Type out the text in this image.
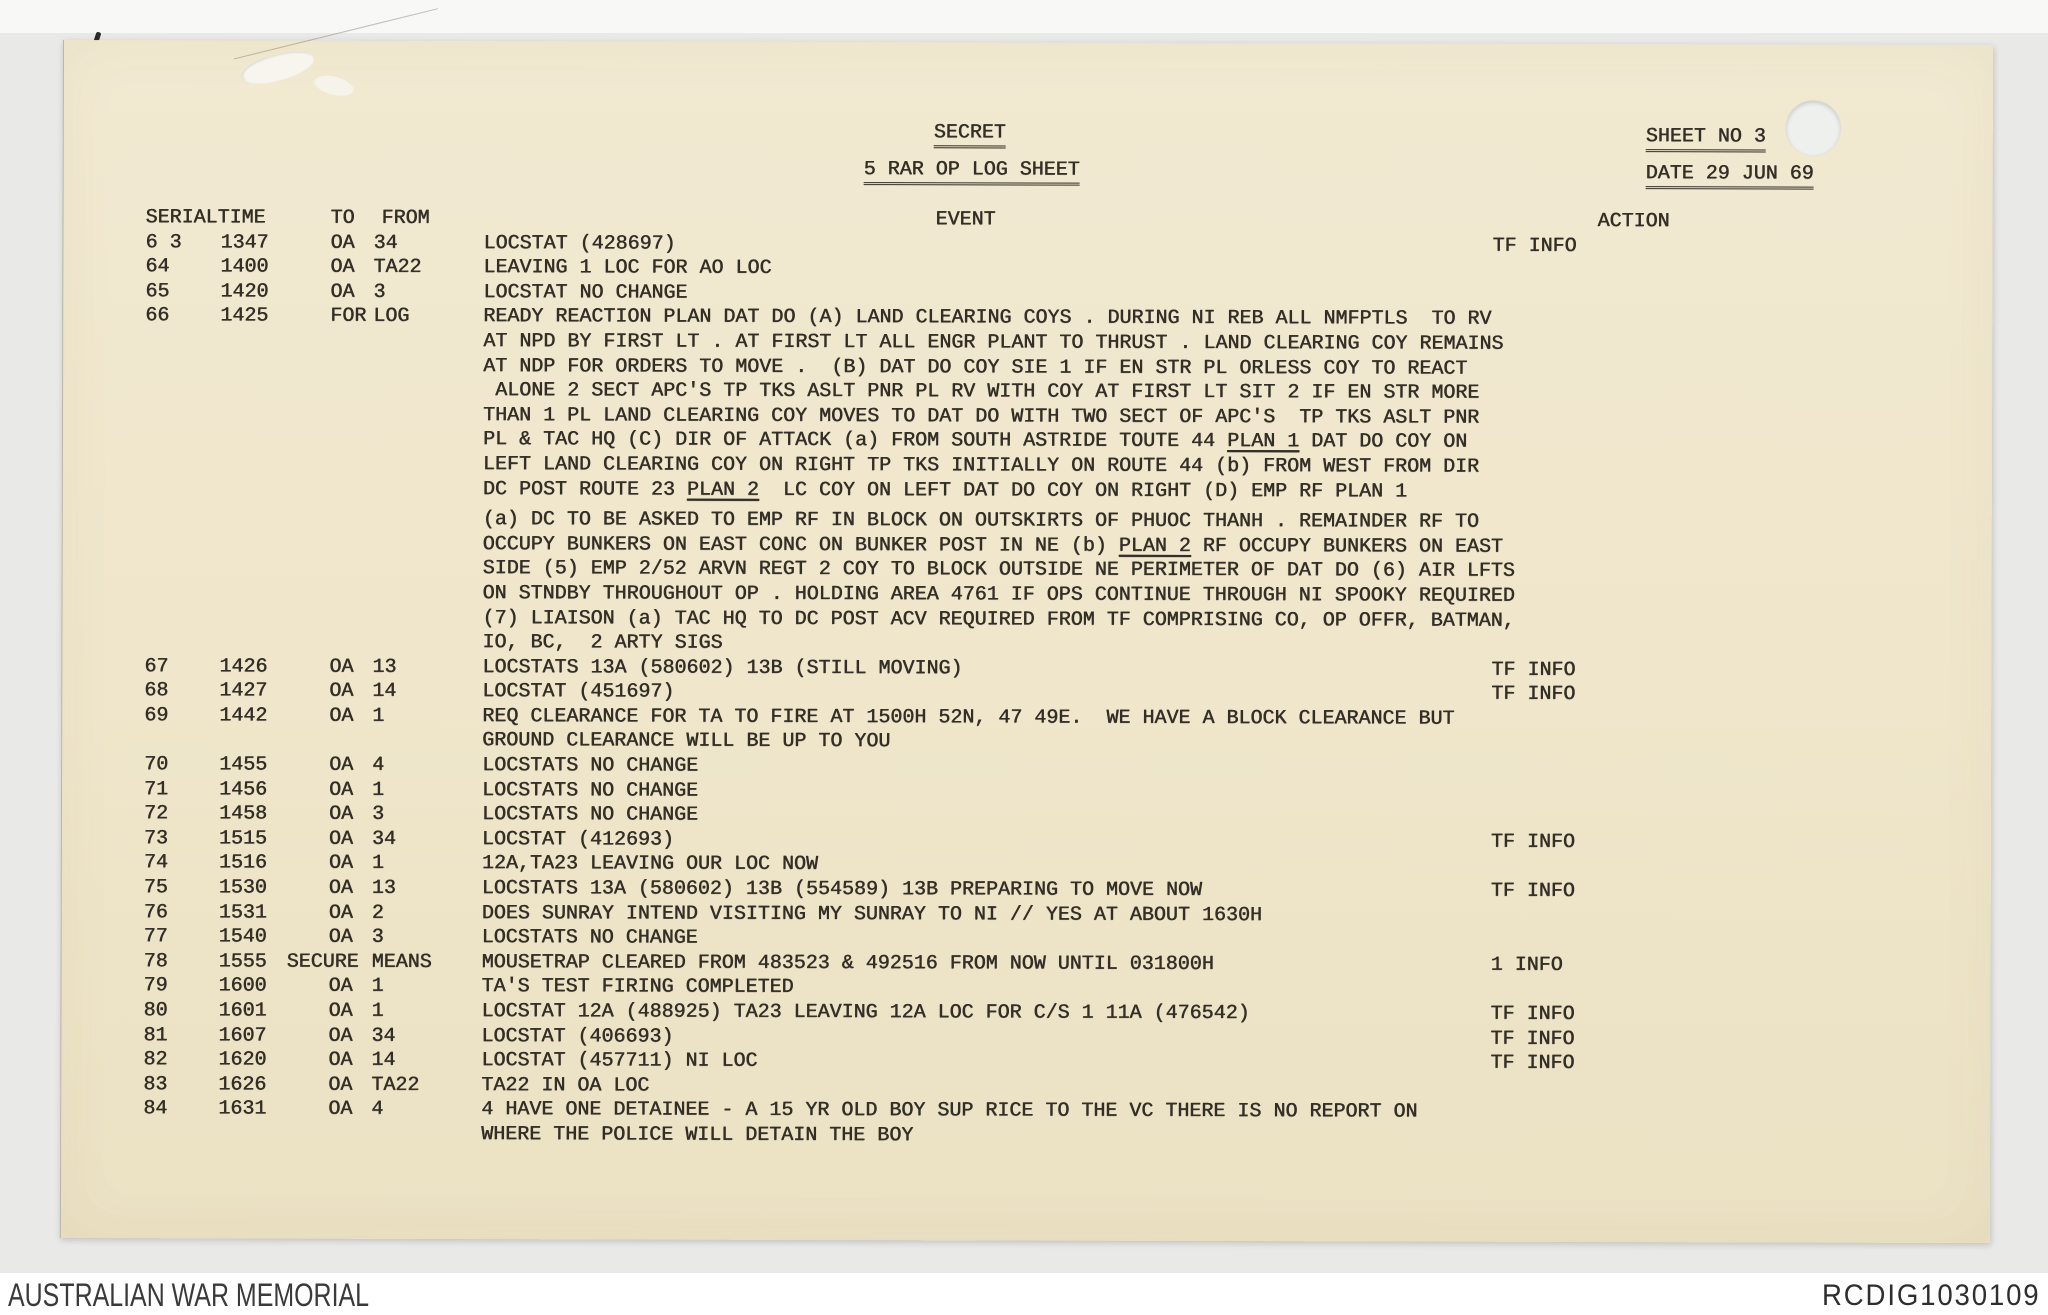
SECRET
5 RAR OP LOG SHEET
SHEET NO 3
DATE 29 JUN 69
SERIALTIME	TO	FROM	EVENT	ACTION
6 3	1347	OA 34	LOCSTAT (428697)	TF INFO
64	1400	OA TA22	LEAVING 1 LOC FOR AO LOC
65	1420	OA 3	LOCSTAT NO CHANGE
66	1425	FOR LOG	READY REACTION PLAN DAT DO (A) LAND CLEARING COYS . DURING NI REB ALL NMFPTLS  TO RV
AT NPD BY FIRST LT . AT FIRST LT ALL ENGR PLANT TO THRUST . LAND CLEARING COY REMAINS
AT NDP FOR ORDERS TO MOVE .  (B) DAT DO COY SIE 1 IF EN STR PL ORLESS COY TO REACT
ALONE 2 SECT APC'S TP TKS ASLT PNR PL RV WITH COY AT FIRST LT SIT 2 IF EN STR MORE
THAN 1 PL LAND CLEARING COY MOVES TO DAT DO WITH TWO SECT OF APC'S  TP TKS ASLT PNR
PL & TAC HQ (C) DIR OF ATTACK (a) FROM SOUTH ASTRIDE TOUTE 44 PLAN 1 DAT DO COY ON
LEFT LAND CLEARING COY ON RIGHT TP TKS INITIALLY ON ROUTE 44 (b) FROM WEST FROM DIR
DC POST ROUTE 23 PLAN 2  LC COY ON LEFT DAT DO COY ON RIGHT (D) EMP RF PLAN 1
(a) DC TO BE ASKED TO EMP RF IN BLOCK ON OUTSKIRTS OF PHUOC THANH . REMAINDER RF TO
OCCUPY BUNKERS ON EAST CONC ON BUNKER POST IN NE (b) PLAN 2 RF OCCUPY BUNKERS ON EAST
SIDE (5) EMP 2/52 ARVN REGT 2 COY TO BLOCK OUTSIDE NE PERIMETER OF DAT DO (6) AIR LFTS
ON STNDBY THROUGHOUT OP . HOLDING AREA 4761 IF OPS CONTINUE THROUGH NI SPOOKY REQUIRED
(7) LIAISON (a) TAC HQ TO DC POST ACV REQUIRED FROM TF COMPRISING CO, OP OFFR, BATMAN,
IO, BC,  2 ARTY SIGS
67	1426	OA 13	LOCSTATS 13A (580602) 13B (STILL MOVING)	TF INFO
68	1427	OA 14	LOCSTAT (451697)	TF INFO
69	1442	OA 1	REQ CLEARANCE FOR TA TO FIRE AT 1500H 52N, 47 49E.  WE HAVE A BLOCK CLEARANCE BUT
GROUND CLEARANCE WILL BE UP TO YOU
70	1455	OA 4	LOCSTATS NO CHANGE
71	1456	OA 1	LOCSTATS NO CHANGE
72	1458	OA 3	LOCSTATS NO CHANGE
73	1515	OA 34	LOCSTAT (412693)	TF INFO
74	1516	OA 1	12A,TA23 LEAVING OUR LOC NOW
75	1530	OA 13	LOCSTATS 13A (580602) 13B (554589) 13B PREPARING TO MOVE NOW	TF INFO
76	1531	OA 2	DOES SUNRAY INTEND VISITING MY SUNRAY TO NI // YES AT ABOUT 1630H
77	1540	OA 3	LOCSTATS NO CHANGE
78	1555 SECURE MEANS	MOUSETRAP CLEARED FROM 483523 & 492516 FROM NOW UNTIL 031800H	1 INFO
79	1600	OA 1	TA'S TEST FIRING COMPLETED
80	1601	OA 1	LOCSTAT 12A (488925) TA23 LEAVING 12A LOC FOR C/S 1 11A (476542)	TF INFO
81	1607	OA 34	LOCSTAT (406693)	TF INFO
82	1620	OA 14	LOCSTAT (457711) NI LOC	TF INFO
83	1626	OA TA22	TA22 IN OA LOC
84	1631	OA 4	4 HAVE ONE DETAINEE - A 15 YR OLD BOY SUP RICE TO THE VC THERE IS NO REPORT ON
WHERE THE POLICE WILL DETAIN THE BOY
AUSTRALIAN WAR MEMORIAL	RCDIG1030109
